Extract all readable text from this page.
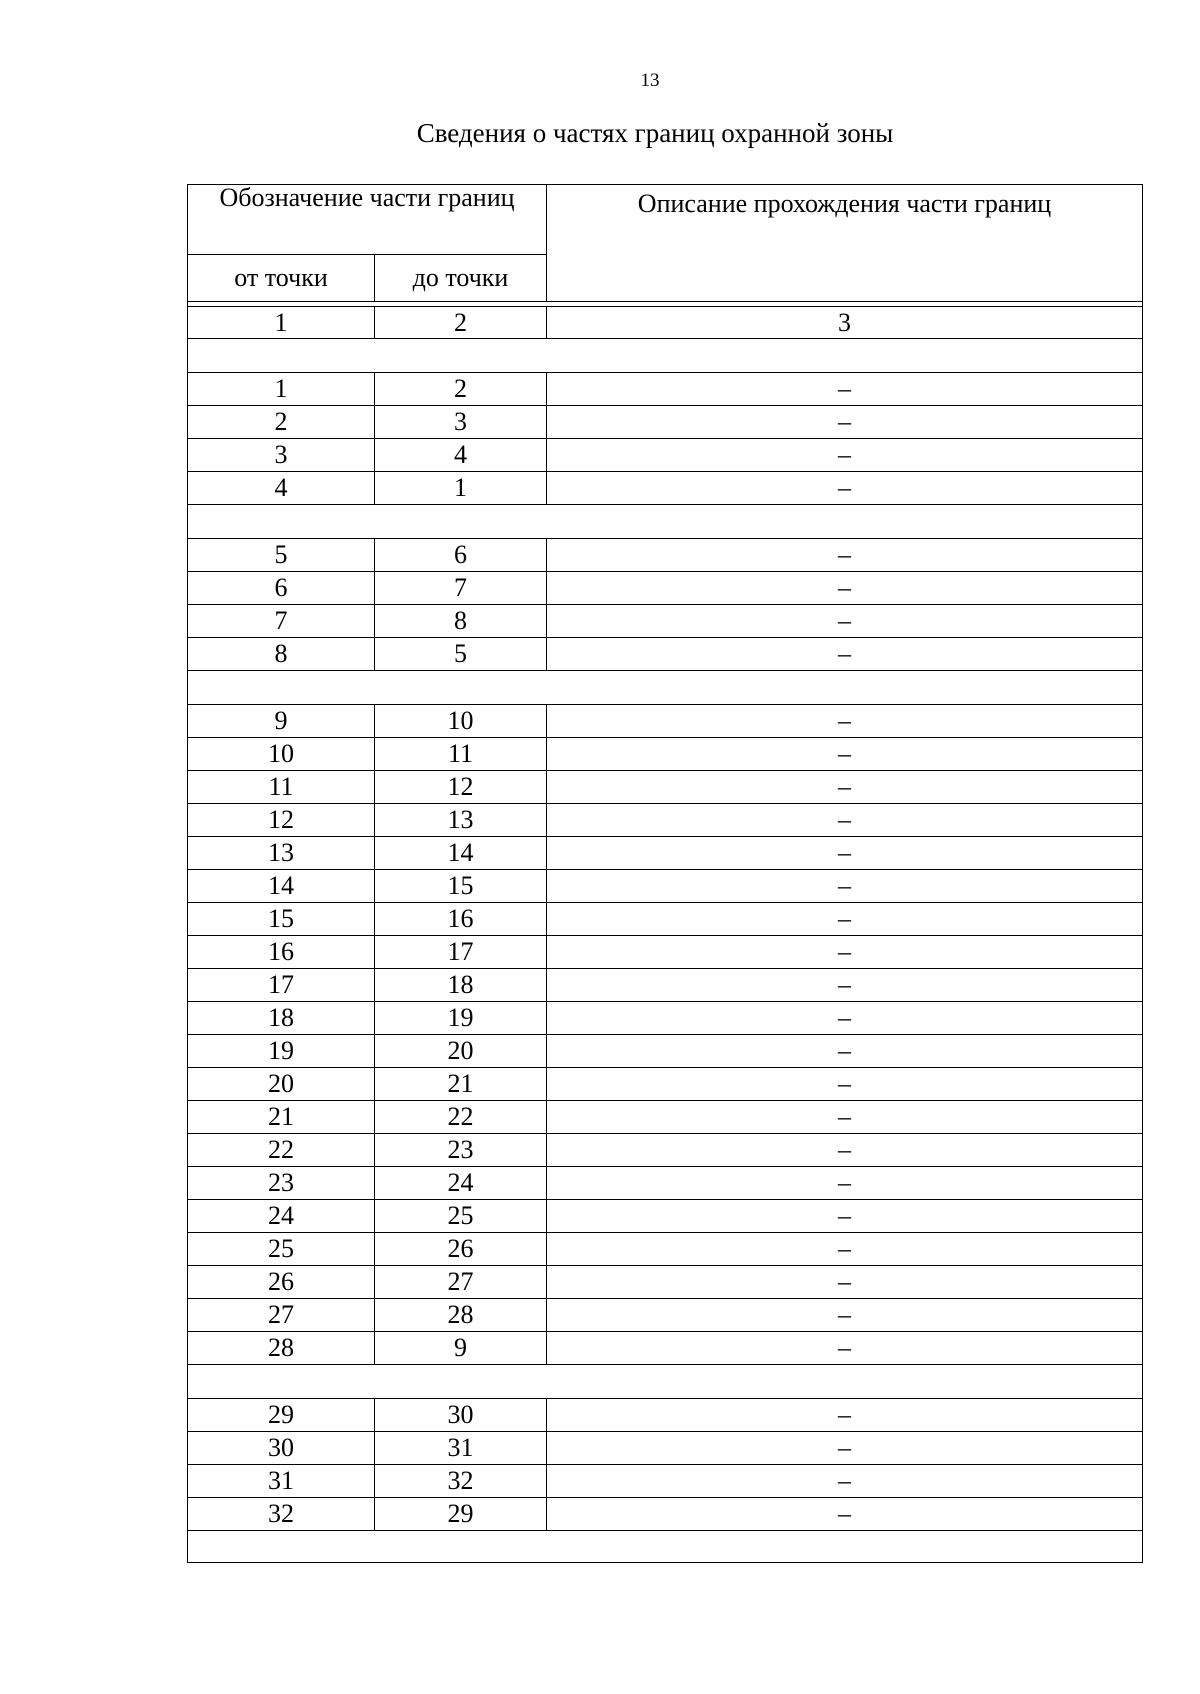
13
Сведения о частях границ охранной зоны
Обозначение части границ		Описание прохождения части границ
от точки	до точки	

1	2	3

1	2	–
2	3	–
3	4	–
4	1	–

5	6	–
6	7	–
7	8	–
8	5	–

9	10	–
10	11	–
11	12	–
12	13	–
13	14	–
14	15	–
15	16	–
16	17	–
17	18	–
18	19	–
19	20	–
20	21	–
21	22	–
22	23	–
23	24	–
24	25	–
25	26	–
26	27	–
27	28	–
28	9	–

29	30	–
30	31	–
31	32	–
32	29	–
